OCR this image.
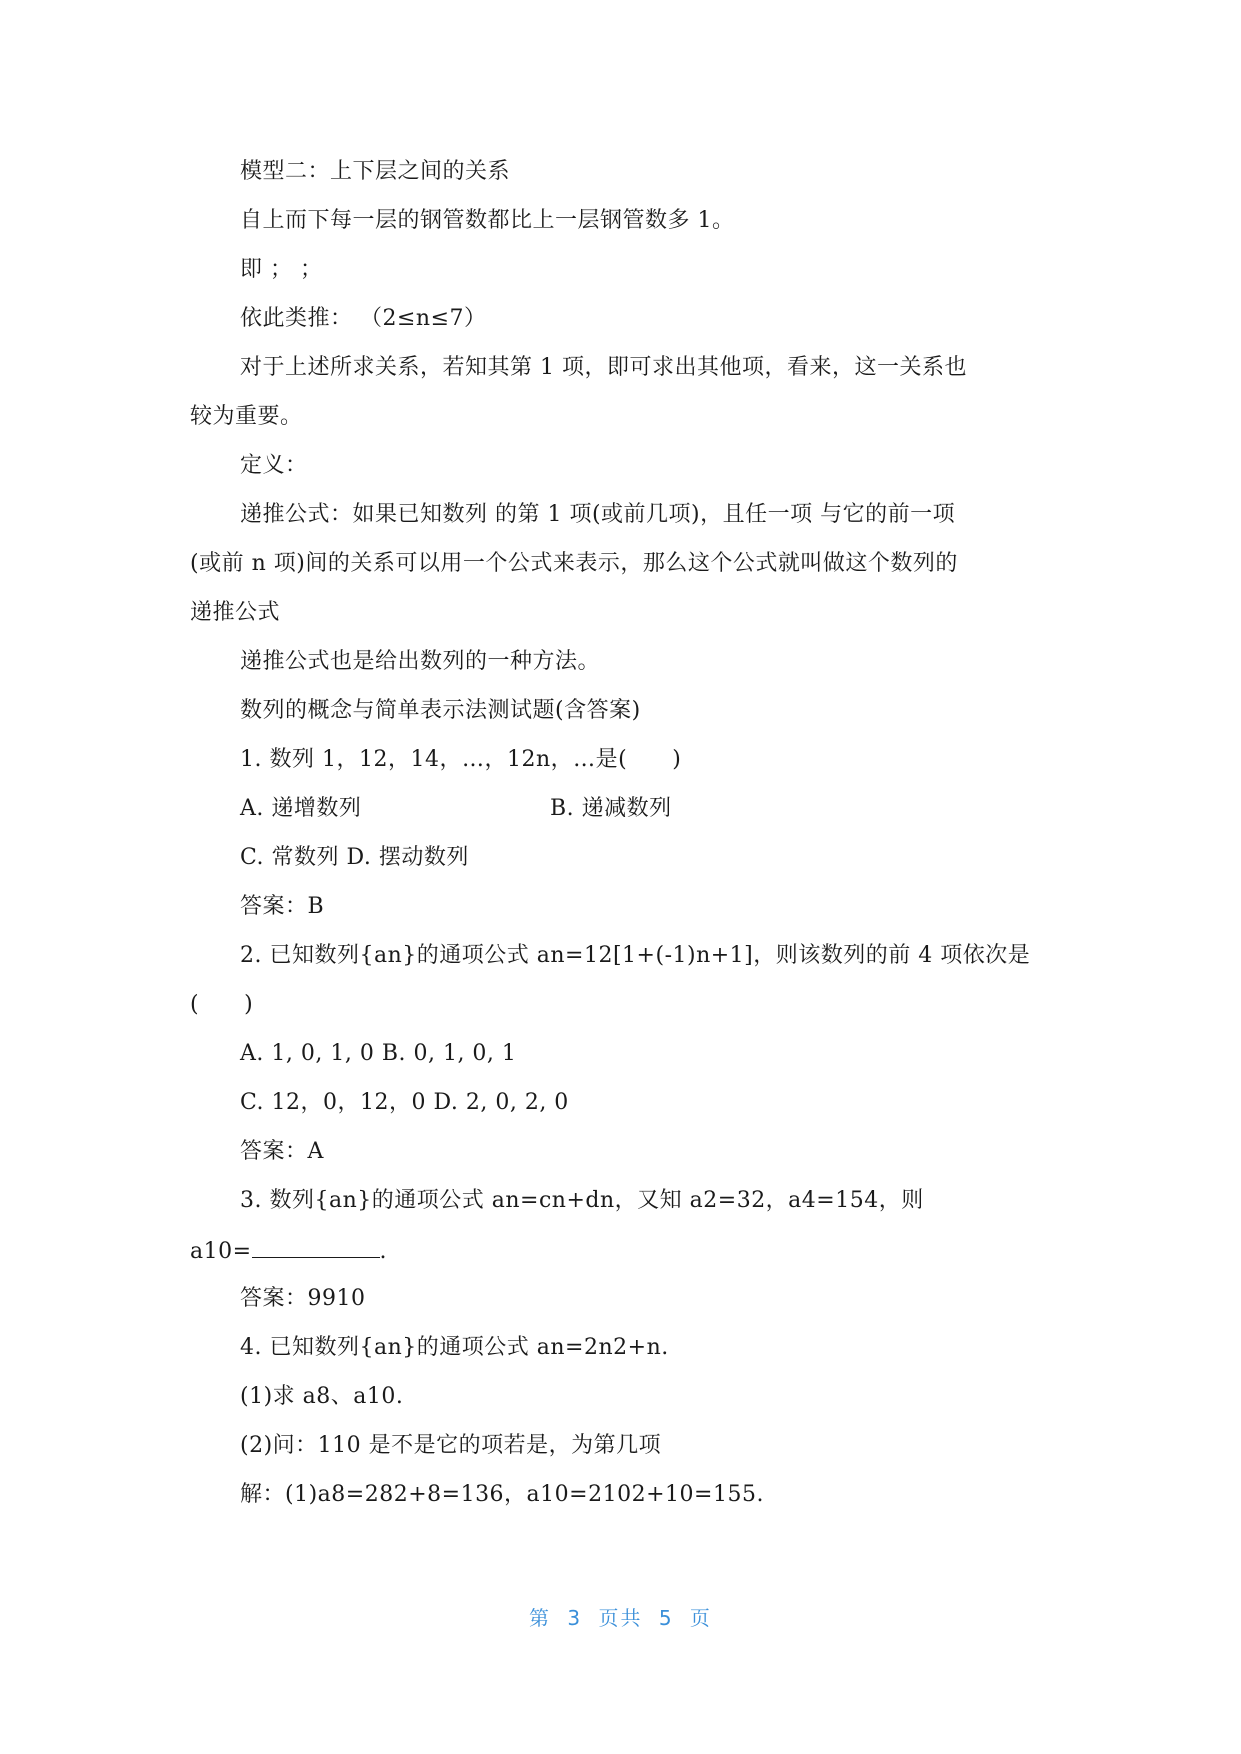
模型二：上下层之间的关系
自上而下每一层的钢管数都比上一层钢管数多 1。
即 ； ；
依此类推： （2≤n≤7）
对于上述所求关系，若知其第 1 项，即可求出其他项，看来，这一关系也
较为重要。
定义：
递推公式：如果已知数列 的第 1 项(或前几项)，且任一项 与它的前一项
(或前 n 项)间的关系可以用一个公式来表示，那么这个公式就叫做这个数列的
递推公式
递推公式也是给出数列的一种方法。
数列的概念与简单表示法测试题(含答案)
1. 数列 1，12，14，…，12n，…是(　　)
A. 递增数列	B. 递减数列
C. 常数列 D. 摆动数列
答案：B
2. 已知数列{an}的通项公式 an=12[1+(-1)n+1]，则该数列的前 4 项依次是
(　　)
A. 1, 0, 1, 0 B. 0, 1, 0, 1
C. 12，0，12，0 D. 2, 0, 2, 0
答案：A
3. 数列{an}的通项公式 an=cn+dn，又知 a2=32，a4=154，则
a10=	.
答案：9910
4. 已知数列{an}的通项公式 an=2n2+n.
(1)求 a8、a10.
(2)问：110 是不是它的项若是，为第几项
解：(1)a8=282+8=136，a10=2102+10=155.
第 3 页共 5 页
